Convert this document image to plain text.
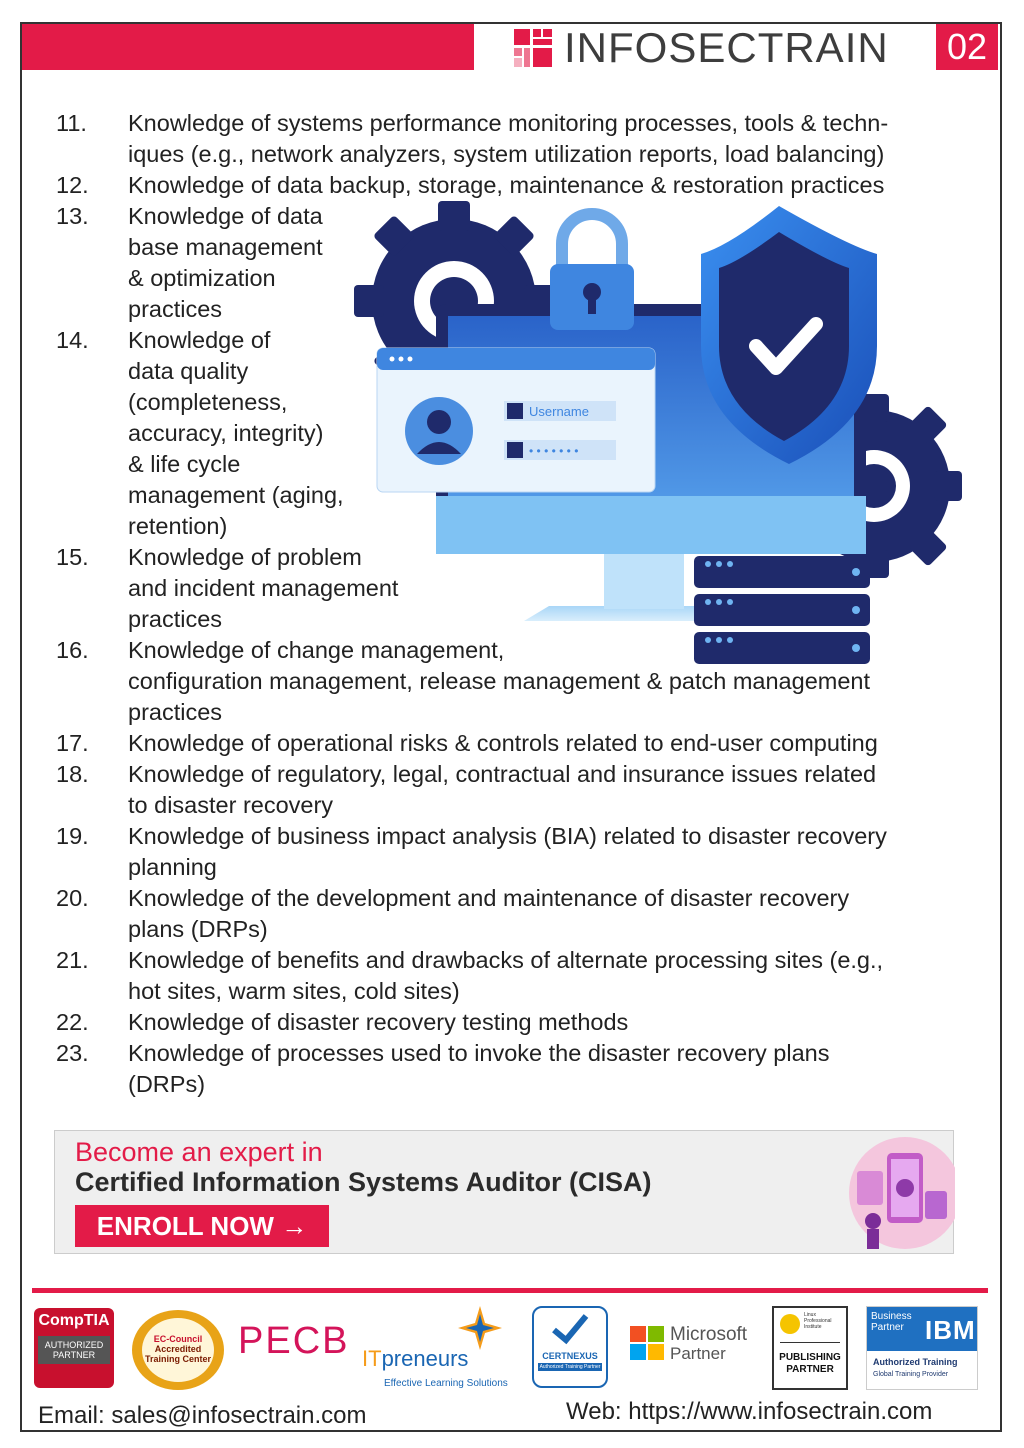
INFOSECTRAIN	02
11.	Knowledge of systems performance monitoring processes, tools & techn-
iques (e.g., network analyzers, system utilization reports, load balancing)
12.	Knowledge of data backup, storage, maintenance & restoration practices
13.	Knowledge of data
base management
& optimization
practices
14.	Knowledge of
data quality
(completeness,
accuracy, integrity)
& life cycle
management (aging,
retention)
15.	Knowledge of problem
and incident management
practices
16.	Knowledge of change management,
configuration management, release management & patch management
practices
17.	Knowledge of operational risks & controls related to end-user computing
18.	Knowledge of regulatory, legal, contractual and insurance issues related
to disaster recovery
19.	Knowledge of business impact analysis (BIA) related to disaster recovery
planning
20.	Knowledge of the development and maintenance of disaster recovery
plans (DRPs)
21.	Knowledge of benefits and drawbacks of alternate processing sites (e.g.,
hot sites, warm sites, cold sites)
22.	Knowledge of disaster recovery testing methods
23.	Knowledge of processes used to invoke the disaster recovery plans
(DRPs)
Username
• • • • • • •
Become an expert in
Certified Information Systems Auditor (CISA)
ENROLL NOW →
CompTIA
AUTHORIZED
PARTNER
EC-Council
Accredited
Training Center PECB ITpreneurs
Effective Learning Solutions
CERTNEXUS
Authorized Training Partner
Microsoft
Partner
Linux
Professional
Institute
PUBLISHING
PARTNER
Business
Partner IBM
Authorized Training
Global Training Provider
Email: sales@infosectrain.com	Web: https://www.infosectrain.com
